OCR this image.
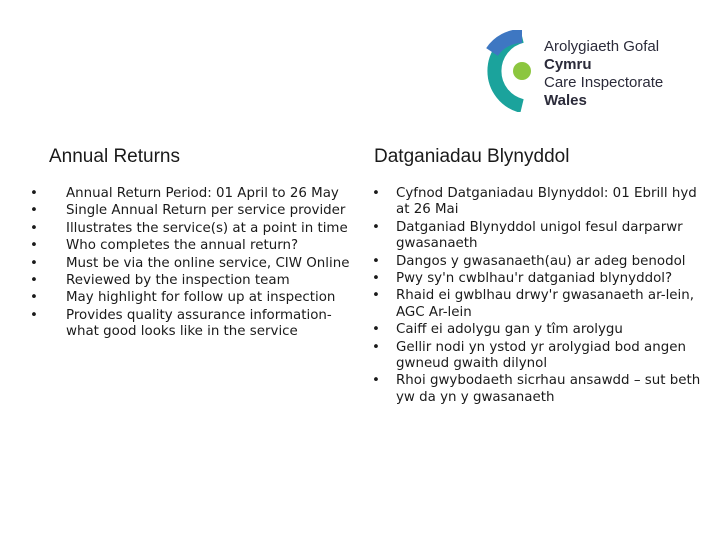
Arolygiaeth Gofal
Cymru
Care Inspectorate
Wales
Annual Returns
•	Annual Return Period: 01 April to 26 May
•	Single Annual Return per service provider
•	Illustrates the service(s) at a point in time
•	Who completes the annual return?
•	Must be via the online service, CIW Online
•	Reviewed by the inspection team
•	May highlight for follow up at inspection
•	Provides quality assurance information- what good looks like in the service
Datganiadau Blynyddol
•	Cyfnod Datganiadau Blynyddol: 01 Ebrill hyd at 26 Mai
•	Datganiad Blynyddol unigol fesul darparwr gwasanaeth
•	Dangos y gwasanaeth(au) ar adeg benodol
•	Pwy sy'n cwblhau'r datganiad blynyddol?
•	Rhaid ei gwblhau drwy'r gwasanaeth ar-lein, AGC Ar-lein
•	Caiff ei adolygu gan y tîm arolygu
•	Gellir nodi yn ystod yr arolygiad bod angen gwneud gwaith dilynol
•	Rhoi gwybodaeth sicrhau ansawdd – sut beth yw da yn y gwasanaeth
